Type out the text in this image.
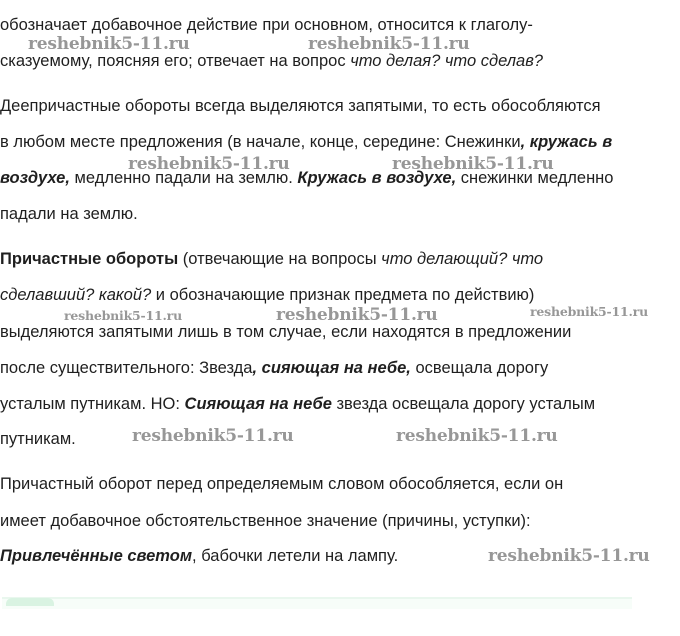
обозначает добавочное действие при основном, относится к глаголу-
сказуемому, поясняя его; отвечает на вопрос что делая? что сделав?
Деепричастные обороты всегда выделяются запятыми, то есть обособляются
в любом месте предложения (в начале, конце, середине: Снежинки, кружась в
воздухе, медленно падали на землю. Кружась в воздухе, снежинки медленно
падали на землю.
Причастные обороты (отвечающие на вопросы что делающий? что
сделавший? какой? и обозначающие признак предмета по действию)
выделяются запятыми лишь в том случае, если находятся в предложении
после существительного: Звезда, сияющая на небе, освещала дорогу
усталым путникам. НО: Сияющая на небе звезда освещала дорогу усталым
путникам.
Причастный оборот перед определяемым словом обособляется, если он
имеет добавочное обстоятельственное значение (причины, уступки):
Привлечённые светом, бабочки летели на лампу.
reshebnik5-11.ru	reshebnik5-11.ru
reshebnik5-11.ru	reshebnik5-11.ru
reshebnik5-11.ru	reshebnik5-11.ru	reshebnik5-11.ru
reshebnik5-11.ru	reshebnik5-11.ru
reshebnik5-11.ru
